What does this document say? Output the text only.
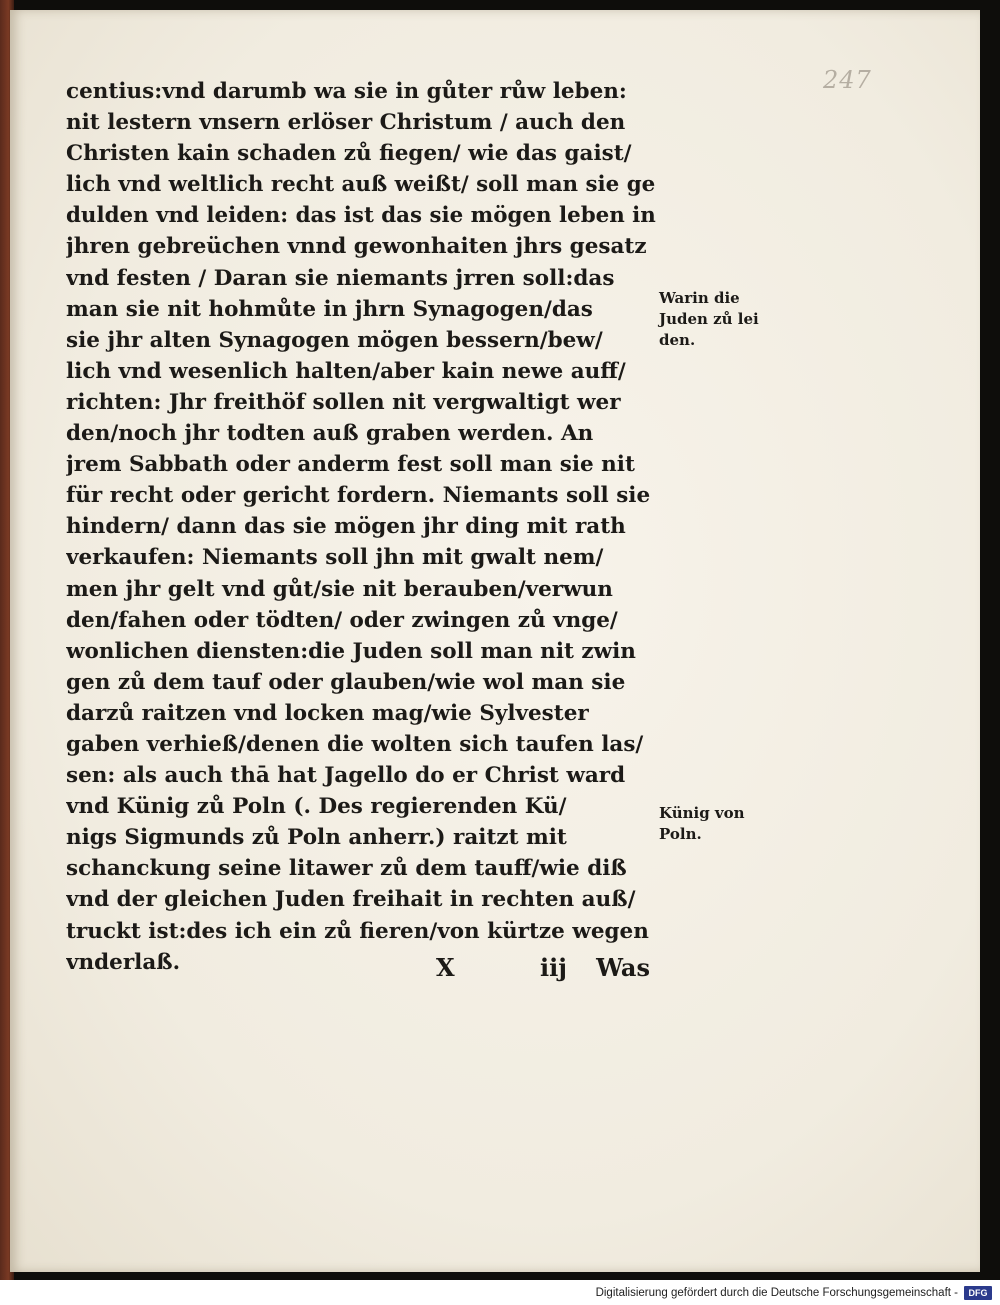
247
centius:vnd darumb wa sie in gůter růw leben:
nit lestern vnsern erlöser Christum / auch den
Christen kain schaden zů fiegen/ wie das gaist/
lich vnd weltlich recht auß weißt/ soll man sie ge
dulden vnd leiden: das ist das sie mögen leben in
jhren gebreüchen vnnd gewonhaiten jhrs gesatz
vnd festen / Daran sie niemants jrren soll:das
man sie nit hohmůte in jhrn Synagogen/das
sie jhr alten Synagogen mögen bessern/bew/
lich vnd wesenlich halten/aber kain newe auff/
richten: Jhr freithöf sollen nit vergwaltigt wer
den/noch jhr todten auß graben werden. An
jrem Sabbath oder anderm fest soll man sie nit
für recht oder gericht fordern. Niemants soll sie
hindern/ dann das sie mögen jhr ding mit rath
verkaufen: Niemants soll jhn mit gwalt nem/
men jhr gelt vnd gůt/sie nit berauben/verwun
den/fahen oder tödten/ oder zwingen zů vnge/
wonlichen diensten:die Juden soll man nit zwin
gen zů dem tauf oder glauben/wie wol man sie
darzů raitzen vnd locken mag/wie Sylvester
gaben verhieß/denen die wolten sich taufen las/
sen: als auch thā hat Jagello do er Christ ward
vnd Künig zů Poln (. Des regierenden Kü/
nigs Sigmunds zů Poln anherr.) raitzt mit
schanckung seine litawer zů dem tauff/wie diß
vnd der gleichen Juden freihait in rechten auß/
truckt ist:des ich ein zů fieren/von kürtze wegen
vnderlaß.
Warin die
Juden zů lei
den.
Künig von
Poln.
X	iij Was
Digitalisierung gefördert durch die Deutsche Forschungsgemeinschaft -	DFG
